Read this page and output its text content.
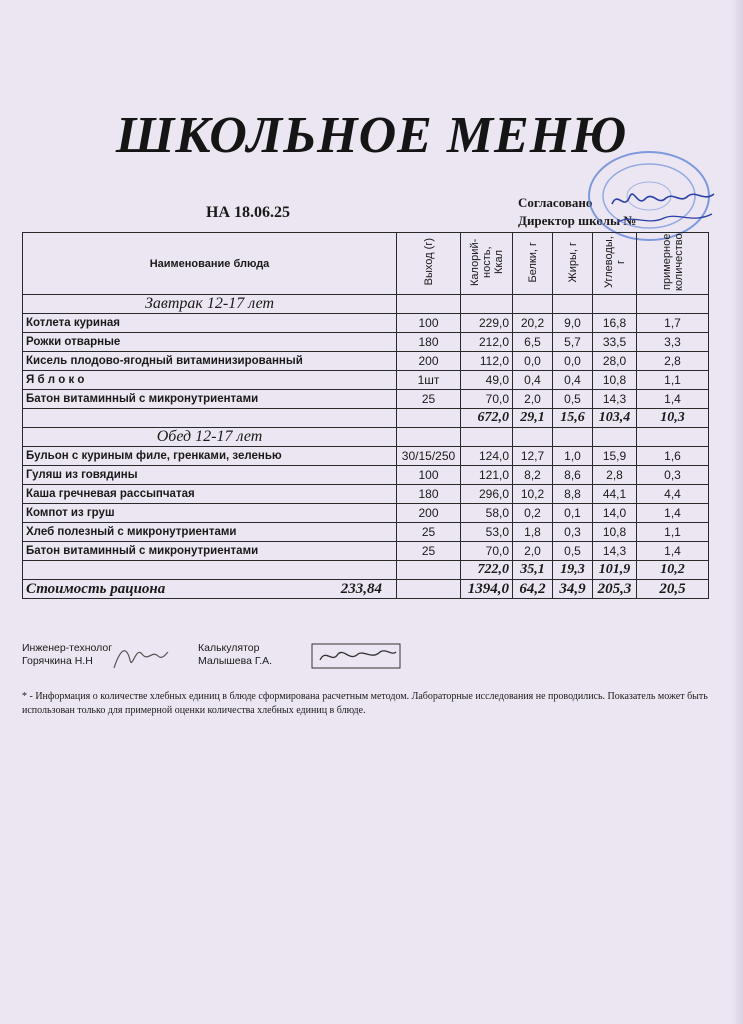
ШКОЛЬНОЕ МЕНЮ
НА 18.06.25
Согласовано
Директор школы №
Наименование блюда	Выход (г)	Калорий-ность, Ккал	Белки, г	Жиры, г	Углеводы, г	примерное количество
Завтрак 12-17 лет						
Котлета куриная	100	229,0	20,2	9,0	16,8	1,7
Рожки отварные	180	212,0	6,5	5,7	33,5	3,3
Кисель плодово-ягодный витаминизированный	200	112,0	0,0	0,0	28,0	2,8
Я б л о к о	1шт	49,0	0,4	0,4	10,8	1,1
Батон витаминный с микронутриентами	25	70,0	2,0	0,5	14,3	1,4
		672,0	29,1	15,6	103,4	10,3
Обед 12-17 лет						
Бульон с куриным филе, гренками, зеленью	30/15/250	124,0	12,7	1,0	15,9	1,6
Гуляш из говядины	100	121,0	8,2	8,6	2,8	0,3
Каша гречневая рассыпчатая	180	296,0	10,2	8,8	44,1	4,4
Компот из груш	200	58,0	0,2	0,1	14,0	1,4
Хлеб полезный с микронутриентами	25	53,0	1,8	0,3	10,8	1,1
Батон витаминный с микронутриентами	25	70,0	2,0	0,5	14,3	1,4
		722,0	35,1	19,3	101,9	10,2
Стоимость рациона 233,84		1394,0	64,2	34,9	205,3	20,5
Инженер-технолог
Горячкина Н.Н
Калькулятор
Малышева Г.А.
* - Информация о количестве хлебных единиц в блюде сформирована расчетным методом. Лабораторные исследования не проводились. Показатель может быть использован только для примерной оценки количества хлебных единиц в блюде.
